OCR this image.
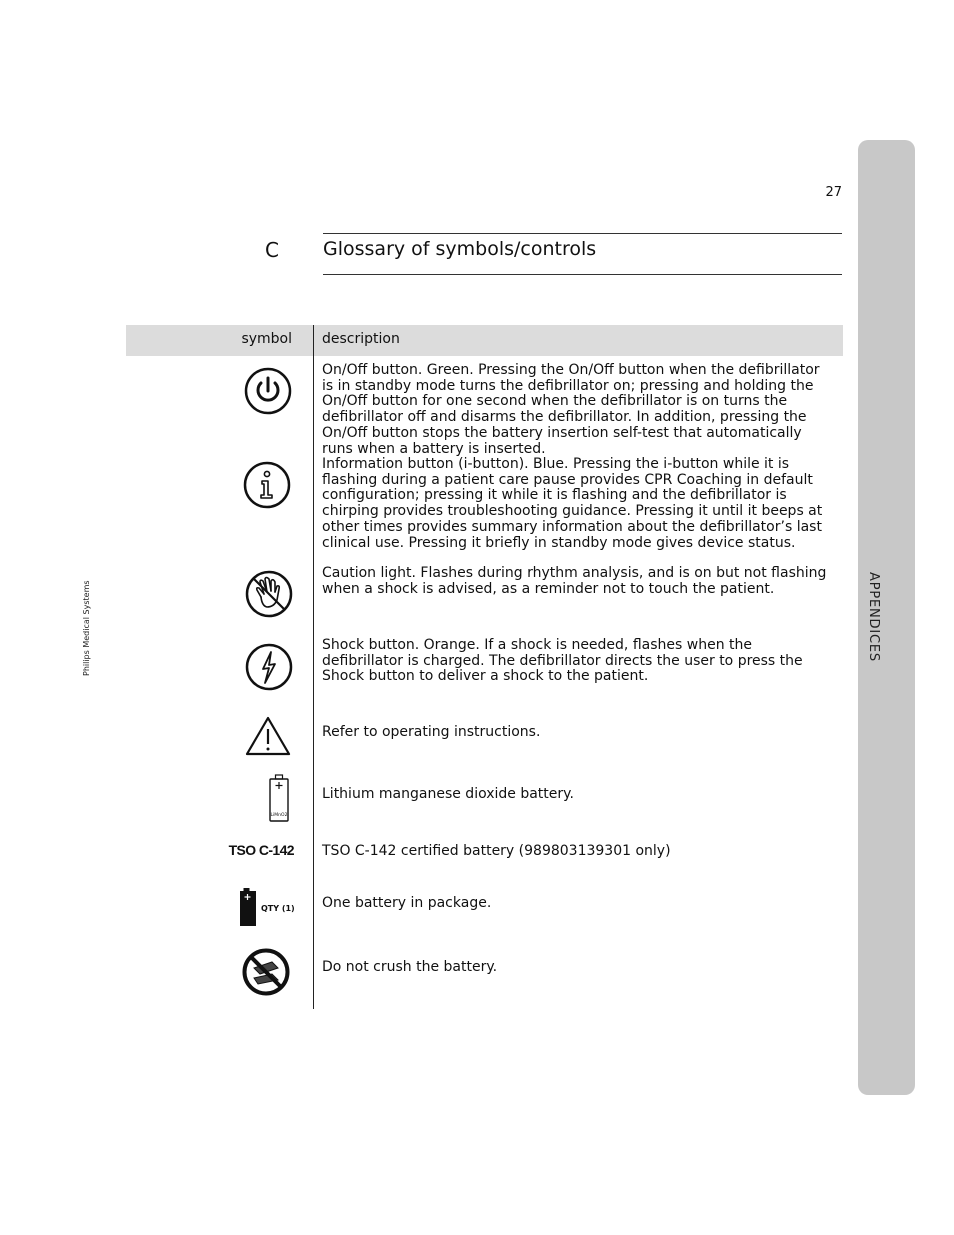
APPENDICES
Philips Medical Systems
27
C Glossary of symbols/controls
symbol description
On/Off button. Green. Pressing the On/Off button when the defibrillator is in standby mode turns the defibrillator on; pressing and holding the On/Off button for one second when the defibrillator is on turns the defibrillator off and disarms the defibrillator. In addition, pressing the On/Off button stops the battery insertion self-test that automatically runs when a battery is inserted.
Information button (i-button). Blue. Pressing the i-button while it is flashing during a patient care pause provides CPR Coaching in default configuration; pressing it while it is flashing and the defibrillator is chirping provides troubleshooting guidance. Pressing it until it beeps at other times provides summary information about the defibrillator’s last clinical use. Pressing it briefly in standby mode gives device status.
Caution light. Flashes during rhythm analysis, and is on but not flashing when a shock is advised, as a reminder not to touch the patient.
Shock button. Orange. If a shock is needed, flashes when the defibrillator is charged. The defibrillator directs the user to press the Shock button to deliver a shock to the patient.
Refer to operating instructions.
LiMnO2
Lithium manganese dioxide battery.
TSO C-142 TSO C-142 certified battery (989803139301 only)
QTY (1) One battery in package.
Do not crush the battery.
